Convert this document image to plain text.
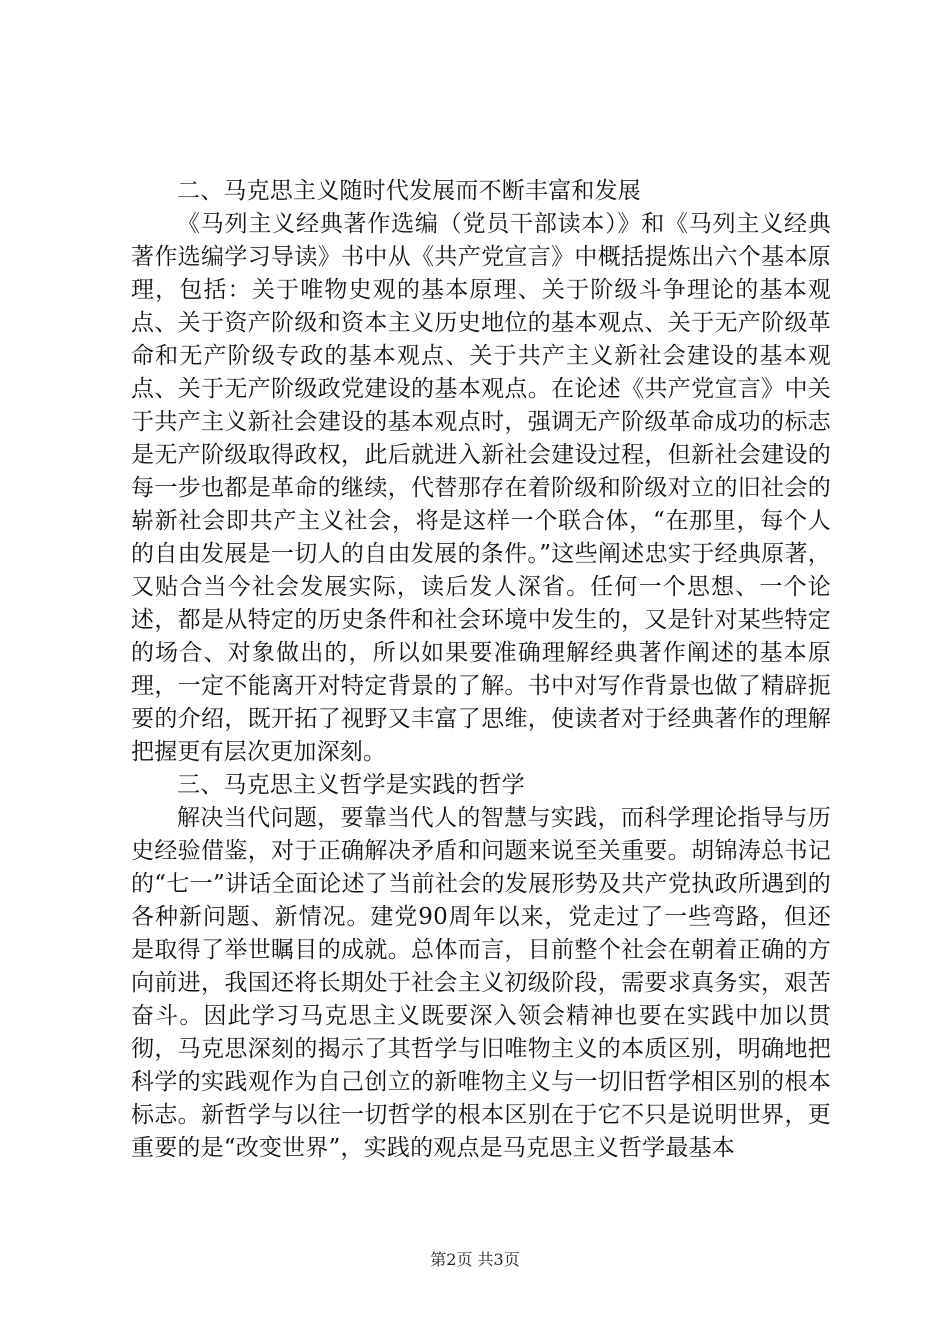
二、马克思主义随时代发展而不断丰富和发展

《马列主义经典著作选编（党员干部读本）》和《马列主义经典著作选编学习导读》书中从《共产党宣言》中概括提炼出六个基本原理，包括：关于唯物史观的基本原理、关于阶级斗争理论的基本观点、关于资产阶级和资本主义历史地位的基本观点、关于无产阶级革命和无产阶级专政的基本观点、关于共产主义新社会建设的基本观点、关于无产阶级政党建设的基本观点。在论述《共产党宣言》中关于共产主义新社会建设的基本观点时，强调无产阶级革命成功的标志是无产阶级取得政权，此后就进入新社会建设过程，但新社会建设的每一步也都是革命的继续，代替那存在着阶级和阶级对立的旧社会的崭新社会即共产主义社会，将是这样一个联合体，“在那里，每个人的自由发展是一切人的自由发展的条件。”这些阐述忠实于经典原著，又贴合当今社会发展实际，读后发人深省。任何一个思想、一个论述，都是从特定的历史条件和社会环境中发生的，又是针对某些特定的场合、对象做出的，所以如果要准确理解经典著作阐述的基本原理，一定不能离开对特定背景的了解。书中对写作背景也做了精辟扼要的介绍，既开拓了视野又丰富了思维，使读者对于经典著作的理解把握更有层次更加深刻。

三、马克思主义哲学是实践的哲学

解决当代问题，要靠当代人的智慧与实践，而科学理论指导与历史经验借鉴，对于正确解决矛盾和问题来说至关重要。胡锦涛总书记的“七一”讲话全面论述了当前社会的发展形势及共产党执政所遇到的各种新问题、新情况。建党90周年以来，党走过了一些弯路，但还是取得了举世瞩目的成就。总体而言，目前整个社会在朝着正确的方向前进，我国还将长期处于社会主义初级阶段，需要求真务实，艰苦奋斗。因此学习马克思主义既要深入领会精神也要在实践中加以贯彻，马克思深刻的揭示了其哲学与旧唯物主义的本质区别，明确地把科学的实践观作为自己创立的新唯物主义与一切旧哲学相区别的根本标志。新哲学与以往一切哲学的根本区别在于它不只是说明世界，更重要的是“改变世界”，实践的观点是马克思主义哲学最基本

第2页 共3页
